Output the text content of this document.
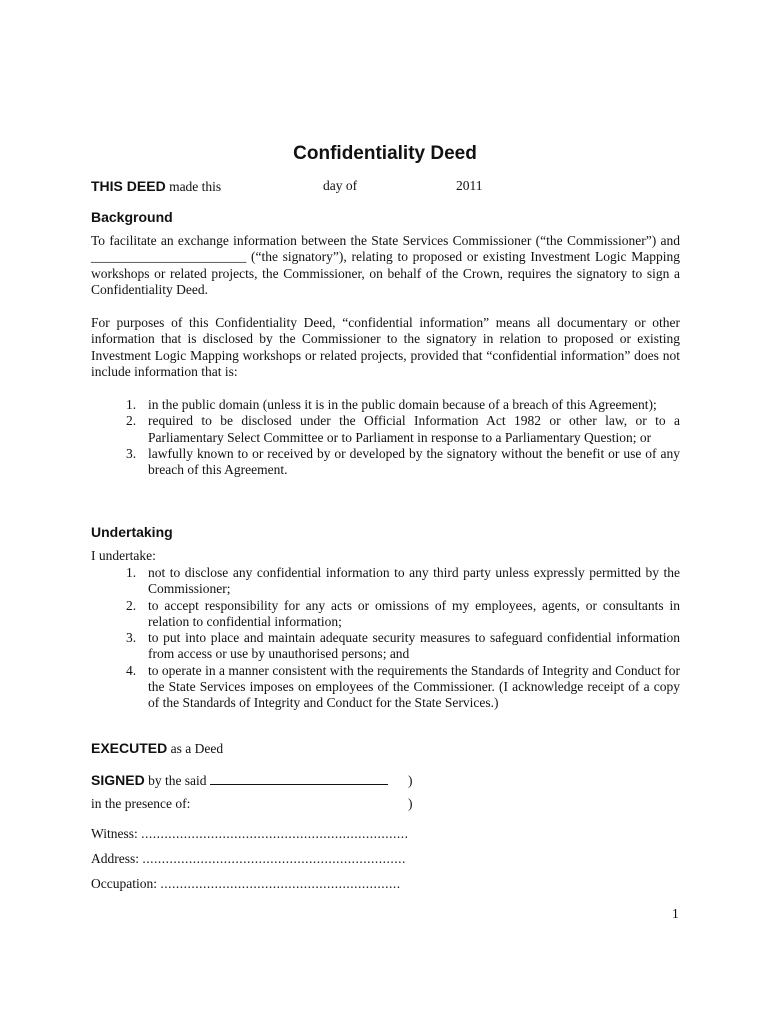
Confidentiality Deed
THIS DEED made this	day of	2011
Background

To facilitate an exchange information between the State Services Commissioner (“the Commissioner”) and _______________________ (“the signatory”), relating to proposed or existing Investment Logic Mapping workshops or related projects, the Commissioner, on behalf of the Crown, requires the signatory to sign a Confidentiality Deed.

For purposes of this Confidentiality Deed, “confidential information” means all documentary or other information that is disclosed by the Commissioner to the signatory in relation to proposed or existing Investment Logic Mapping workshops or related projects, provided that “confidential information” does not include information that is:

1. in the public domain (unless it is in the public domain because of a breach of this Agreement);
2. required to be disclosed under the Official Information Act 1982 or other law, or to a Parliamentary Select Committee or to Parliament in response to a Parliamentary Question; or
3. lawfully known to or received by or developed by the signatory without the benefit or use of any breach of this Agreement.
Undertaking
I undertake:
1. not to disclose any confidential information to any third party unless expressly permitted by the Commissioner;
2. to accept responsibility for any acts or omissions of my employees, agents, or consultants in relation to confidential information;
3. to put into place and maintain adequate security measures to safeguard confidential information from access or use by unauthorised persons; and
4. to operate in a manner consistent with the requirements the Standards of Integrity and Conduct for the State Services imposes on employees of the Commissioner. (I acknowledge receipt of a copy of the Standards of Integrity and Conduct for the State Services.)
EXECUTED as a Deed
SIGNED by the said	)
in the presence of:	)
Witness: .....................................................................
Address: ....................................................................
Occupation: ..............................................................
1
